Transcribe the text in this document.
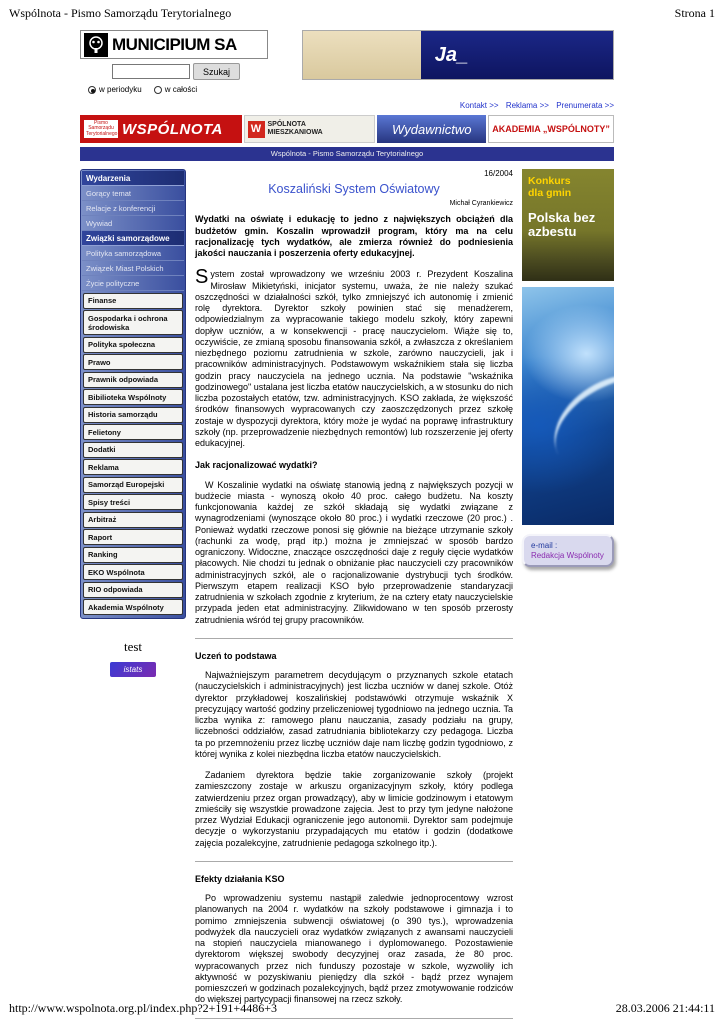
Wspólnota - Pismo Samorządu Terytorialnego	Strona 1
MUNICIPIUM SA
Szukaj
w periodyku	w całości
Ja_
Kontakt >> Reklama >> Prenumerata >>
Pismo Samorządu Terytorialnego WSPÓLNOTA	W SPÓLNOTA
MIESZKANIOWA	Wydawnictwo AKADEMIA „WSPÓLNOTY”
Wspólnota - Pismo Samorządu Terytorialnego
Wydarzenia
Gorący temat
Relacje z konferencji
Wywiad
Związki samorządowe
Polityka samorządowa
Związek Miast Polskich
Życie polityczne
Finanse
Gospodarka i ochrona środowiska
Polityka społeczna
Prawo
Prawnik odpowiada
Bibilioteka Wspólnoty
Historia samorządu
Felietony
Dodatki
Reklama
Samorząd Europejski
Spisy treści
Arbitraż
Raport
Ranking
EKO Wspólnota
RIO odpowiada
Akademia Wspólnoty
test
istats
16/2004
Koszaliński System Oświatowy
Michał Cyrankiewicz

Wydatki na oświatę i edukację to jedno z największych obciążeń dla budżetów gmin. Koszalin wprowadził program, który ma na celu racjonalizację tych wydatków, ale zmierza również do podniesienia jakości nauczania i poszerzenia oferty edukacyjnej.

System został wprowadzony we wrześniu 2003 r. Prezydent Koszalina Mirosław Mikietyński, inicjator systemu, uważa, że nie należy szukać oszczędności w działalności szkół, tylko zmniejszyć ich autonomię i zmienić rolę dyrektora. Dyrektor szkoły powinien stać się menadżerem, odpowiedzialnym za wypracowanie takiego modelu szkoły, który zapewni dopływ uczniów, a w konsekwencji - pracę nauczycielom. Wiąże się to, oczywiście, ze zmianą sposobu finansowania szkół, a zwłaszcza z określaniem niezbędnego poziomu zatrudnienia w szkole, zarówno nauczycieli, jak i pracowników administracyjnych. Podstawowym wskaźnikiem stała się liczba godzin pracy nauczyciela na jednego ucznia. Na podstawie "wskaźnika godzinowego" ustalana jest liczba etatów nauczycielskich, a w stosunku do nich liczba pozostałych etatów, tzw. administracyjnych. KSO zakłada, że większość środków finansowych wypracowanych czy zaoszczędzonych przez szkołę zostaje w dyspozycji dyrektora, który może je wydać na poprawę infrastruktury szkoły (np. przeprowadzenie niezbędnych remontów) lub rozszerzenie jej oferty edukacyjnej.

Jak racjonalizować wydatki?

W Koszalinie wydatki na oświatę stanowią jedną z największych pozycji w budżecie miasta - wynoszą około 40 proc. całego budżetu. Na koszty funkcjonowania każdej ze szkół składają się wydatki związane z wynagrodzeniami (wynoszące około 80 proc.) i wydatki rzeczowe (20 proc.) . Ponieważ wydatki rzeczowe ponosi się głównie na bieżące utrzymanie szkoły (rachunki za wodę, prąd itp.) można je zmniejszać w sposób bardzo ograniczony. Widoczne, znaczące oszczędności daje z reguły cięcie wydatków płacowych. Nie chodzi tu jednak o obniżanie płac nauczycieli czy pracowników administracyjnych szkół, ale o racjonalizowanie dystrybucji tych środków. Pierwszym etapem realizacji KSO było przeprowadzenie standaryzacji zatrudnienia w szkołach zgodnie z kryterium, że na cztery etaty nauczycielskie przypada jeden etat administracyjny. Zlikwidowano w ten sposób przerosty zatrudnienia wśród tej grupy pracowników.

Uczeń to podstawa

Najważniejszym parametrem decydującym o przyznanych szkole etatach (nauczycielskich i administracyjnych) jest liczba uczniów w danej szkole. Otóż dyrektor przykładowej koszalińskiej podstawówki otrzymuje wskaźnik X precyzujący wartość godziny przeliczeniowej tygodniowo na jednego ucznia. Ta liczba wynika z: ramowego planu nauczania, zasady podziału na grupy, liczebności oddziałów, zasad zatrudniania bibliotekarzy czy pedagoga. Liczba ta po przemnożeniu przez liczbę uczniów daje nam liczbę godzin tygodniowo, z której wynika z kolei niezbędna liczba etatów nauczycielskich.

Zadaniem dyrektora będzie takie zorganizowanie szkoły (projekt zamieszczony zostaje w arkuszu organizacyjnym szkoły, który podlega zatwierdzeniu przez organ prowadzący), aby w limicie godzinowym i etatowym zmieściły się wszystkie prowadzone zajęcia. Jest to przy tym jedyne nałożone przez Wydział Edukacji ograniczenie jego autonomii. Dyrektor sam podejmuje decyzje o wykorzystaniu przypadających mu etatów i godzin (dodatkowe zajęcia pozalekcyjne, zatrudnienie pedagoga szkolnego itp.).

Efekty działania KSO

Po wprowadzeniu systemu nastąpił zaledwie jednoprocentowy wzrost planowanych na 2004 r. wydatków na szkoły podstawowe i gimnazja i to pomimo zmniejszenia subwencji oświatowej (o 390 tys.), wprowadzenia podwyżek dla nauczycieli oraz wydatków związanych z awansami nauczycieli na stopień nauczyciela mianowanego i dyplomowanego. Pozostawienie dyrektorom większej swobody decyzyjnej oraz zasada, że 80 proc. wypracowanych przez nich funduszy pozostaje w szkole, wyzwoliły ich aktywność w pozyskiwaniu pieniędzy dla szkół - bądź przez wynajem pomieszczeń w godzinach pozalekcyjnych, bądź przez zmotywowanie rodziców do większej partycypacji finansowej na rzecz szkoły.

Konkurs
dla gmin
Polska bez
azbestu
e-mail :
Redakcja Wspólnoty
http://www.wspolnota.org.pl/index.php?2+191+4486+3	28.03.2006 21:44:11
